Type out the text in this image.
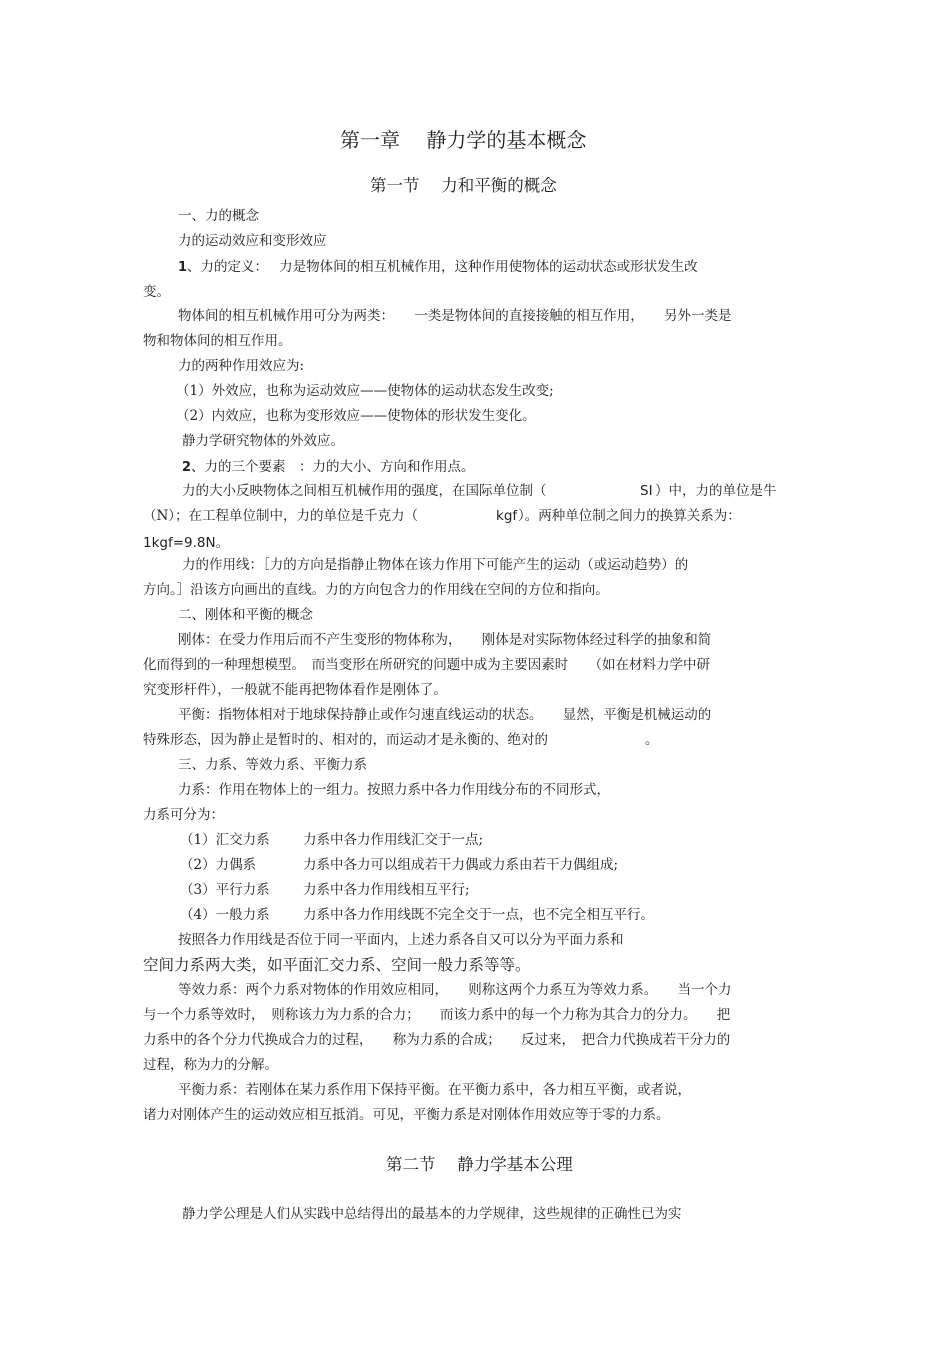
第一章　 静力学的基本概念
第一节　 力和平衡的概念
一、力的概念
力的运动效应和变形效应
1、力的定义：　 力是物体间的相互机械作用，这种作用使物体的运动状态或形状发生改
变。
物体间的相互机械作用可分为两类：　　一类是物体间的直接接触的相互作用，　　另外一类是
物和物体间的相互作用。
力的两种作用效应为:
（1）外效应，也称为运动效应——使物体的运动状态发生改变;
（2）内效应，也称为变形效应——使物体的形状发生变化。
静力学研究物体的外效应。
2、力的三个要素　：力的大小、方向和作用点。
力的大小反映物体之间相互机械作用的强度，在国际单位制（	SI ）中，力的单位是牛
（N）；在工程单位制中，力的单位是千克力（	kgf ）。两种单位制之间力的换算关系为：
1kgf=9.8N。
力的作用线：［力的方向是指静止物体在该力作用下可能产生的运动（或运动趋势）的
方向。］沿该方向画出的直线。力的方向包含力的作用线在空间的方位和指向。
二、刚体和平衡的概念
刚体：在受力作用后而不产生变形的物体称为，　　刚体是对实际物体经过科学的抽象和简
化而得到的一种理想模型。　而当变形在所研究的问题中成为主要因素时　　（如在材料力学中研
究变形杆件），一般就不能再把物体看作是刚体了。
平衡：指物体相对于地球保持静止或作匀速直线运动的状态。　　显然，平衡是机械运动的
特殊形态，因为静止是暂时的、相对的，而运动才是永衡的、绝对的	。
三、力系、等效力系、平衡力系
力系：作用在物体上的一组力。按照力系中各力作用线分布的不同形式，
力系可分为：
（1）汇交力系 力系中各力作用线汇交于一点;
（2）力偶系	力系中各力可以组成若干力偶或力系由若干力偶组成;
（3）平行力系 力系中各力作用线相互平行;
（4）一般力系 力系中各力作用线既不完全交于一点，也不完全相互平行。
按照各力作用线是否位于同一平面内，上述力系各自又可以分为平面力系和
空间力系两大类，如平面汇交力系、空间一般力系等等。
等效力系：两个力系对物体的作用效应相同，　　则称这两个力系互为等效力系。　　当一个力
与一个力系等效时，　则称该力为力系的合力；　　而该力系中的每一个力称为其合力的分力。　　把
力系中的各个分力代换成合力的过程，　　称为力系的合成；　　反过来，　把合力代换成若干分力的
过程，称为力的分解。
平衡力系：若刚体在某力系作用下保持平衡。在平衡力系中，各力相互平衡，或者说，
诸力对刚体产生的运动效应相互抵消。可见，平衡力系是对刚体作用效应等于零的力系。
第二节　 静力学基本公理
静力学公理是人们从实践中总结得出的最基本的力学规律，这些规律的正确性已为实
